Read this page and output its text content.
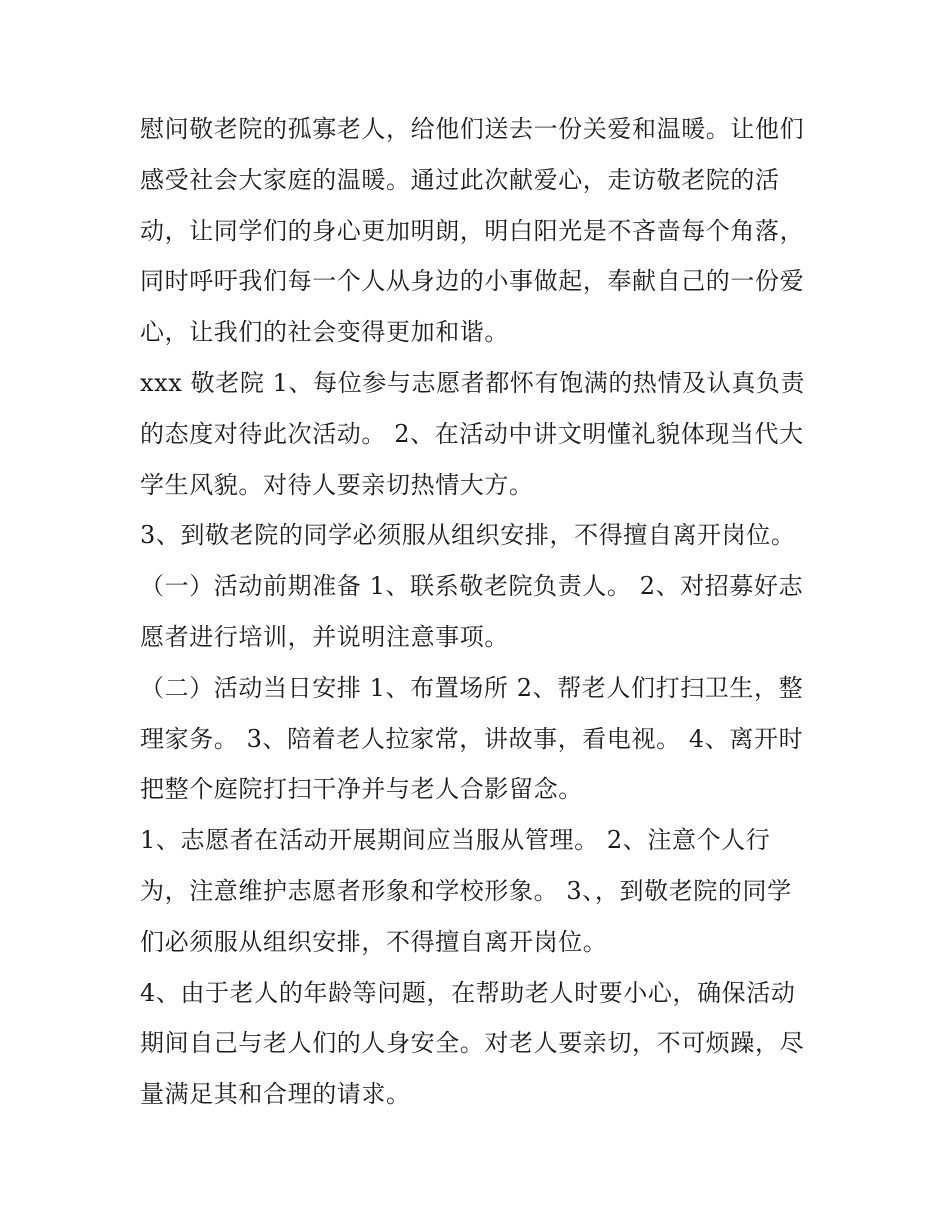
慰问敬老院的孤寡老人，给他们送去一份关爱和温暖。让他们
感受社会大家庭的温暖。通过此次献爱心，走访敬老院的活
动，让同学们的身心更加明朗，明白阳光是不吝啬每个角落，
同时呼吁我们每一个人从身边的小事做起，奉献自己的一份爱
心，让我们的社会变得更加和谐。
xxx 敬老院 1、每位参与志愿者都怀有饱满的热情及认真负责
的态度对待此次活动。 2、在活动中讲文明懂礼貌体现当代大
学生风貌。对待人要亲切热情大方。
3、到敬老院的同学必须服从组织安排，不得擅自离开岗位。
（一）活动前期准备 1、联系敬老院负责人。 2、对招募好志
愿者进行培训，并说明注意事项。
（二）活动当日安排 1、布置场所 2、帮老人们打扫卫生，整
理家务。 3、陪着老人拉家常，讲故事，看电视。 4、离开时
把整个庭院打扫干净并与老人合影留念。
1、志愿者在活动开展期间应当服从管理。 2、注意个人行
为，注意维护志愿者形象和学校形象。 3、，到敬老院的同学
们必须服从组织安排，不得擅自离开岗位。
4、由于老人的年龄等问题，在帮助老人时要小心，确保活动
期间自己与老人们的人身安全。对老人要亲切，不可烦躁，尽
量满足其和合理的请求。
